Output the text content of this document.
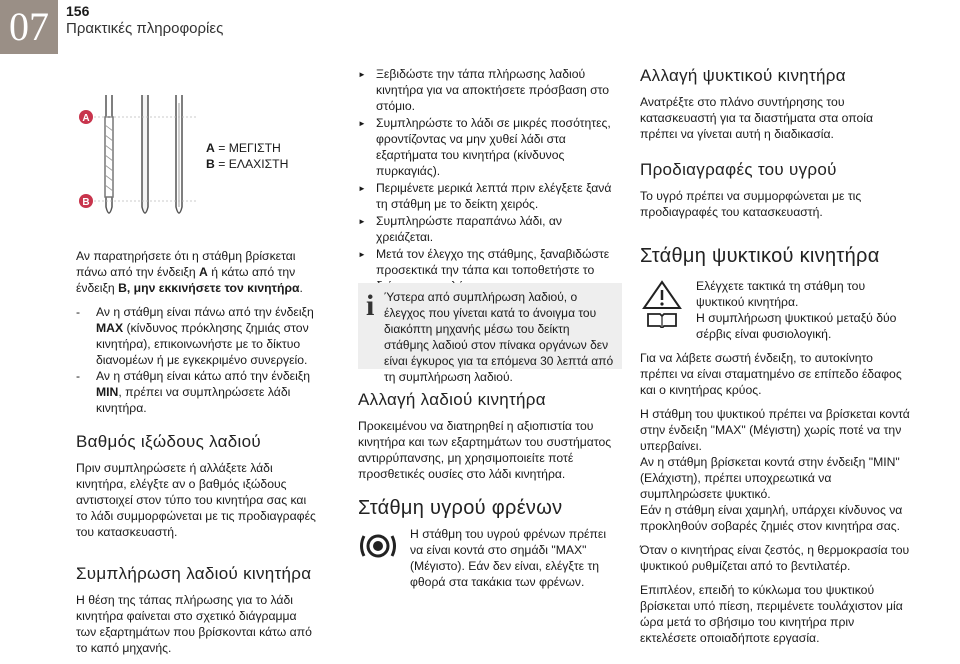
07	156
Πρακτικές πληροφορίες
A
B
A = ΜΕΓΙΣΤΗ
B = ΕΛΑΧΙΣΤΗ

Αν παρατηρήσετε ότι η στάθμη βρίσκεται πάνω από την ένδειξη A ή κάτω από την ένδειξη B, μην εκκινήσετε τον κινητήρα.

- Αν η στάθμη είναι πάνω από την ένδειξη MAX (κίνδυνος πρόκλησης ζημιάς στον κινητήρα), επικοινωνήστε με το δίκτυο διανομέων ή με εγκεκριμένο συνεργείο.
- Αν η στάθμη είναι κάτω από την ένδειξη MIN, πρέπει να συμπληρώσετε λάδι κινητήρα.
Βαθμός ιξώδους λαδιού

Πριν συμπληρώσετε ή αλλάξετε λάδι κινητήρα, ελέγξτε αν ο βαθμός ιξώδους αντιστοιχεί στον τύπο του κινητήρα σας και το λάδι συμμορφώνεται με τις προδιαγραφές του κατασκευαστή.

Συμπλήρωση λαδιού κινητήρα

Η θέση της τάπας πλήρωσης για το λάδι κινητήρα φαίνεται στο σχετικό διάγραμμα των εξαρτημάτων που βρίσκονται κάτω από το καπό μηχανής.

► Ξεβιδώστε την τάπα πλήρωσης λαδιού κινητήρα για να αποκτήσετε πρόσβαση στο στόμιο.
► Συμπληρώστε το λάδι σε μικρές ποσότητες, φροντίζοντας να μην χυθεί λάδι στα εξαρτήματα του κινητήρα (κίνδυνος πυρκαγιάς).
► Περιμένετε μερικά λεπτά πριν ελέγξετε ξανά τη στάθμη με το δείκτη χειρός.
► Συμπληρώστε παραπάνω λάδι, αν χρειάζεται.
► Μετά τον έλεγχο της στάθμης, ξαναβιδώστε προσεκτικά την τάπα και τοποθετήστε το
i Ύστερα από συμπλήρωση λαδιού, ο έλεγχος που γίνεται κατά το άνοιγμα του διακόπτη μηχανής μέσω του δείκτη στάθμης λαδιού στον πίνακα οργάνων δεν είναι έγκυρος για τα επόμενα 30 λεπτά από τη συμπλήρωση λαδιού.
Αλλαγή λαδιού κινητήρα

Προκειμένου να διατηρηθεί η αξιοπιστία του κινητήρα και των εξαρτημάτων του συστήματος αντιρρύπανσης, μη χρησιμοποιείτε ποτέ προσθετικές ουσίες στο λάδι κινητήρα.

Στάθμη υγρού φρένων

Η στάθμη του υγρού φρένων πρέπει να είναι κοντά στο σημάδι "MAX" (Μέγιστο). Εάν δεν είναι, ελέγξτε τη φθορά στα τακάκια των φρένων.

Αλλαγή ψυκτικού κινητήρα

Ανατρέξτε στο πλάνο συντήρησης του κατασκευαστή για τα διαστήματα στα οποία πρέπει να γίνεται αυτή η διαδικασία.

Προδιαγραφές του υγρού

Το υγρό πρέπει να συμμορφώνεται με τις προδιαγραφές του κατασκευαστή.

Στάθμη ψυκτικού κινητήρα

Ελέγχετε τακτικά τη στάθμη του ψυκτικού κινητήρα.
Η συμπλήρωση ψυκτικού μεταξύ δύο σέρβις είναι φυσιολογική.

Για να λάβετε σωστή ένδειξη, το αυτοκίνητο πρέπει να είναι σταματημένο σε επίπεδο έδαφος και ο κινητήρας κρύος.

Η στάθμη του ψυκτικού πρέπει να βρίσκεται κοντά στην ένδειξη "MAX" (Μέγιστη) χωρίς ποτέ να την υπερβαίνει.
Αν η στάθμη βρίσκεται κοντά στην ένδειξη "MIN" (Ελάχιστη), πρέπει υποχρεωτικά να συμπληρώσετε ψυκτικό.
Εάν η στάθμη είναι χαμηλή, υπάρχει κίνδυνος να προκληθούν σοβαρές ζημιές στον κινητήρα σας.

Όταν ο κινητήρας είναι ζεστός, η θερμοκρασία του ψυκτικού ρυθμίζεται από το βεντιλατέρ.

Επιπλέον, επειδή το κύκλωμα του ψυκτικού βρίσκεται υπό πίεση, περιμένετε τουλάχιστον μία ώρα μετά το σβήσιμο του κινητήρα πριν εκτελέσετε οποιαδήποτε εργασία.
